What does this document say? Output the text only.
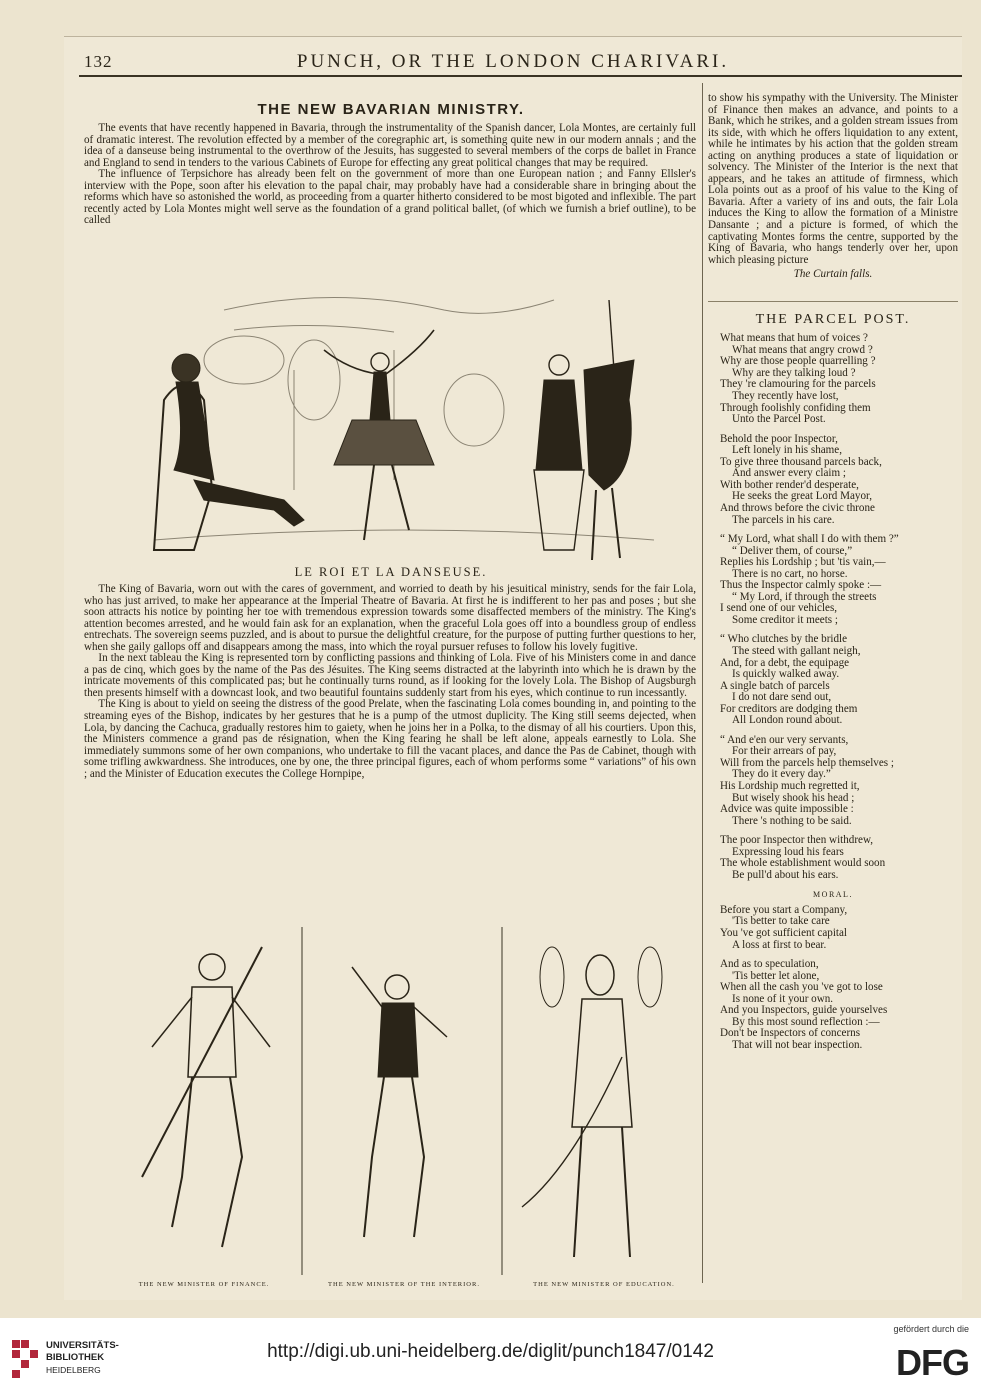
132	PUNCH, OR THE LONDON CHARIVARI.
THE NEW BAVARIAN MINISTRY.

The events that have recently happened in Bavaria, through the instrumentality of the Spanish dancer, Lola Montes, are certainly full of dramatic interest. The revolution effected by a member of the coregraphic art, is something quite new in our modern annals ; and the idea of a danseuse being instrumental to the overthrow of the Jesuits, has suggested to several members of the corps de ballet in France and England to send in tenders to the various Cabinets of Europe for effecting any great political changes that may be required.

The influence of Terpsichore has already been felt on the government of more than one European nation ; and Fanny Ellsler's interview with the Pope, soon after his elevation to the papal chair, may probably have had a considerable share in bringing about the reforms which have so astonished the world, as proceeding from a quarter hitherto considered to be most bigoted and inflexible. The part recently acted by Lola Montes might well serve as the foundation of a grand political ballet, (of which we furnish a brief outline), to be called

LE ROI ET LA DANSEUSE.

The King of Bavaria, worn out with the cares of government, and worried to death by his jesuitical ministry, sends for the fair Lola, who has just arrived, to make her appearance at the Imperial Theatre of Bavaria. At first he is indifferent to her pas and poses ; but she soon attracts his notice by pointing her toe with tremendous expression towards some disaffected members of the ministry. The King's attention becomes arrested, and he would fain ask for an explanation, when the graceful Lola goes off into a boundless group of endless entrechats. The sovereign seems puzzled, and is about to pursue the delightful creature, for the purpose of putting further questions to her, when she gaily gallops off and disappears among the mass, into which the royal pursuer refuses to follow his lovely fugitive.

In the next tableau the King is represented torn by conflicting passions and thinking of Lola. Five of his Ministers come in and dance a pas de cinq, which goes by the name of the Pas des Jésuites. The King seems distracted at the labyrinth into which he is drawn by the intricate movements of this complicated pas; but he continually turns round, as if looking for the lovely Lola. The Bishop of Augsburgh then presents himself with a downcast look, and two beautiful fountains suddenly start from his eyes, which continue to run incessantly.

The King is about to yield on seeing the distress of the good Prelate, when the fascinating Lola comes bounding in, and pointing to the streaming eyes of the Bishop, indicates by her gestures that he is a pump of the utmost duplicity. The King still seems dejected, when Lola, by dancing the Cachuca, gradually restores him to gaiety, when he joins her in a Polka, to the dismay of all his courtiers. Upon this, the Ministers commence a grand pas de résignation, when the King fearing he shall be left alone, appeals earnestly to Lola. She immediately summons some of her own companions, who undertake to fill the vacant places, and dance the Pas de Cabinet, though with some trifling awkwardness. She introduces, one by one, the three principal figures, each of whom performs some “ variations” of his own ; and the Minister of Education executes the College Hornpipe,

THE NEW MINISTER OF FINANCE.	THE NEW MINISTER OF THE INTERIOR.	THE NEW MINISTER OF EDUCATION.
to show his sympathy with the University. The Minister of Finance then makes an advance, and points to a Bank, which he strikes, and a golden stream issues from its side, with which he offers liquidation to any extent, while he intimates by his action that the golden stream acting on anything produces a state of liquidation or solvency. The Minister of the Interior is the next that appears, and he takes an attitude of firmness, which Lola points out as a proof of his value to the King of Bavaria. After a variety of ins and outs, the fair Lola induces the King to allow the formation of a Ministre Dansante ; and a picture is formed, of which the captivating Montes forms the centre, supported by the King of Bavaria, who hangs tenderly over her, upon which pleasing picture
The Curtain falls.
THE PARCEL POST.
What means that hum of voices ?
What means that angry crowd ?
Why are those people quarrelling ?
Why are they talking loud ?
They 're clamouring for the parcels
They recently have lost,
Through foolishly confiding them
Unto the Parcel Post.
Behold the poor Inspector,
Left lonely in his shame,
To give three thousand parcels back,
And answer every claim ;
With bother render'd desperate,
He seeks the great Lord Mayor,
And throws before the civic throne
The parcels in his care.
“ My Lord, what shall I do with them ?”
“ Deliver them, of course,”
Replies his Lordship ; but 'tis vain,—
There is no cart, no horse.
Thus the Inspector calmly spoke :—
“ My Lord, if through the streets
I send one of our vehicles,
Some creditor it meets ;
“ Who clutches by the bridle
The steed with gallant neigh,
And, for a debt, the equipage
Is quickly walked away.
A single batch of parcels
I do not dare send out,
For creditors are dodging them
All London round about.
“ And e'en our very servants,
For their arrears of pay,
Will from the parcels help themselves ;
They do it every day.”
His Lordship much regretted it,
But wisely shook his head ;
Advice was quite impossible :
There 's nothing to be said.
The poor Inspector then withdrew,
Expressing loud his fears
The whole establishment would soon
Be pull'd about his ears.
MORAL.
Before you start a Company,
'Tis better to take care
You 've got sufficient capital
A loss at first to bear.
And as to speculation,
'Tis better let alone,
When all the cash you 've got to lose
Is none of it your own.
And you Inspectors, guide yourselves
By this most sound reflection :—
Don't be Inspectors of concerns
That will not bear inspection.
UNIVERSITÄTS-
BIBLIOTHEK
HEIDELBERG
http://digi.ub.uni-heidelberg.de/diglit/punch1847/0142
gefördert durch die
DFG
